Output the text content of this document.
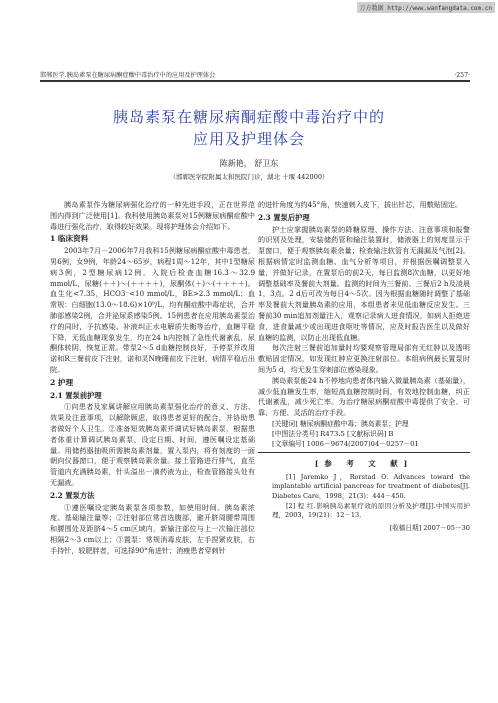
万方数据 http://www.wanfangdata.com.cn
邯郸医学.胰岛素泵在糖尿病酮症酸中毒治疗中的应用及护理体会	·257·
胰岛素泵在糖尿病酮症酸中毒治疗中的
应用及护理体会
陈新艳， 舒卫东
（邯郸医学院附属太和医院门诊，湖北 十堰 442000）

胰岛素泵作为糖尿病强化治疗的一种先进手段，正在世界范围内得到广泛使用[1]。我科使用胰岛素泵对15例糖尿病酮症酸中毒进行强化治疗，取得较好效果。现将护理体会介绍如下。

1 临床资料

2003年7月－2006年7月我科15例糖尿病酮症酸中毒患者，男6例，女9例，年龄24～65岁，病程1周～12年，其中1型糖尿病3例，2型糖尿病12例。入院后检查血糖16.3～32.9 mmol/L，尿糖(＋＋)～(＋＋＋＋)，尿酮体(＋)～(＋＋＋＋)。血生化<7.35，HCO3⁻<10 mmol/L，BE>2.3 mmol/L；血常规：白细胞(13.0～18.6)×10⁹/L，均有酮症酸中毒症状，合并肺部感染2例，合并泌尿系感染5例。15例患者在应用胰岛素泵治疗的同时，予抗感染、补液纠正水电解质失衡等治疗，血糖平稳下降，无低血糖现象发生，均在24 h内控制了急性代谢紊乱，尿酮体转阴，恢复正常。带泵2～5 d血糖控制良好，予停泵并改用诺和R三餐前皮下注射，诺和灵N晚睡前皮下注射，病情平稳后出院。

2 护理
2.1 置泵前护理

①向患者及家属讲解应用胰岛素泵强化治疗的意义、方法、效果及注意事项，以解除顾虑，取得患者更好的配合，并协助患者做好个人卫生。②准备短效胰岛素并调试好胰岛素泵，根据患者体重计算调试胰岛素泵，设定日期、时间，遵医嘱设定基础量。用储药器抽吸所需胰岛素剂量，置入泵内，将有刻度的一面朝向仪器窗口，便于观察胰岛素余量。接上管路进行排气，直至管道内充满胰岛素，针头溢出一滴药液为止，检查管路接头处有无漏液。

2.2 置泵方法

①遵医嘱设定胰岛素泵各项参数，如使用时间、胰岛素浓度、基础输注量等；②注射部位常首选腹部，避开脐周腰带周围和腰围处及距脐4～5 cm区域内，新输注部位与上一次输注部位相隔2～3 cm以上；③置泵：常规消毒皮肤，左手捏紧皮肤，右手持针，较肥胖者，可选择90°角进针；消瘦患者穿刺针

的进针角度为约45°角，快速刺入皮下，拔出针芯，用敷贴固定。

2.3 置泵后护理

护士应掌握胰岛素泵的降糖原理、操作方法、注意事项和报警的识别及处理，安装储药管和输注装置时，储液器上的刻度显示于泵窗口，便于观察胰岛素余量；检查输注软管有无漏漏及气泡[2]。根据病情定时监测血糖、血气分析等项目，并根据医嘱调整泵入量，并做好记录，在置泵后的前2天，每日监测8次血糖，以更好地调整基础率及餐前大剂量。监测的时间为三餐前、三餐后2 h及凌晨1，3点。2 d后可改为每日4～5次。因为根据血糖随时调整了基础率及餐前大剂量胰岛素的应用，本组患者未见低血糖反应发生。三餐前30 min追加剂量注入，观察记录病人进食情况，如病人拒绝进食，进食量减少或出现进食呕吐等情况，应及时报告医生以及做好血糖的监测，以防止出现低血糖。

每次注射三餐前追加量时均要观察管理局部有无红肿以及透明敷贴固定情况，如发现红肿应更换注射部位。本组病例最长置泵时间为5 d，均无发生穿刺部位感染现象。

胰岛素泵能24 h不停地向患者体内输入微量胰岛素（基础量），减少低血糖发生率，缩短高血糖控制时间，有效地控制血糖，纠正代谢紊乱，减少死亡率。为治疗糖尿病酮症酸中毒提供了安全、可靠、方便、灵活的治疗手段。

[关键词] 糖尿病酮症酸中毒；胰岛素泵；护理

[中图法分类号] R473.5 [文献标识码] B

[文章编号] 1006－9674(2007)04－0257－01

[参 考 文 献]

[1] Jaremko J，Rorstad O. Advances toward the implantable artificial pancreas for treatment of diabetes[J]. Diabetes Care，1998，21(3)：444－450.

[2] 程 红.影响胰岛素泵疗效的原因分析及护理[J].中国实用护理，2003，19(21)：12－13.

[收稿日期] 2007－05－30
